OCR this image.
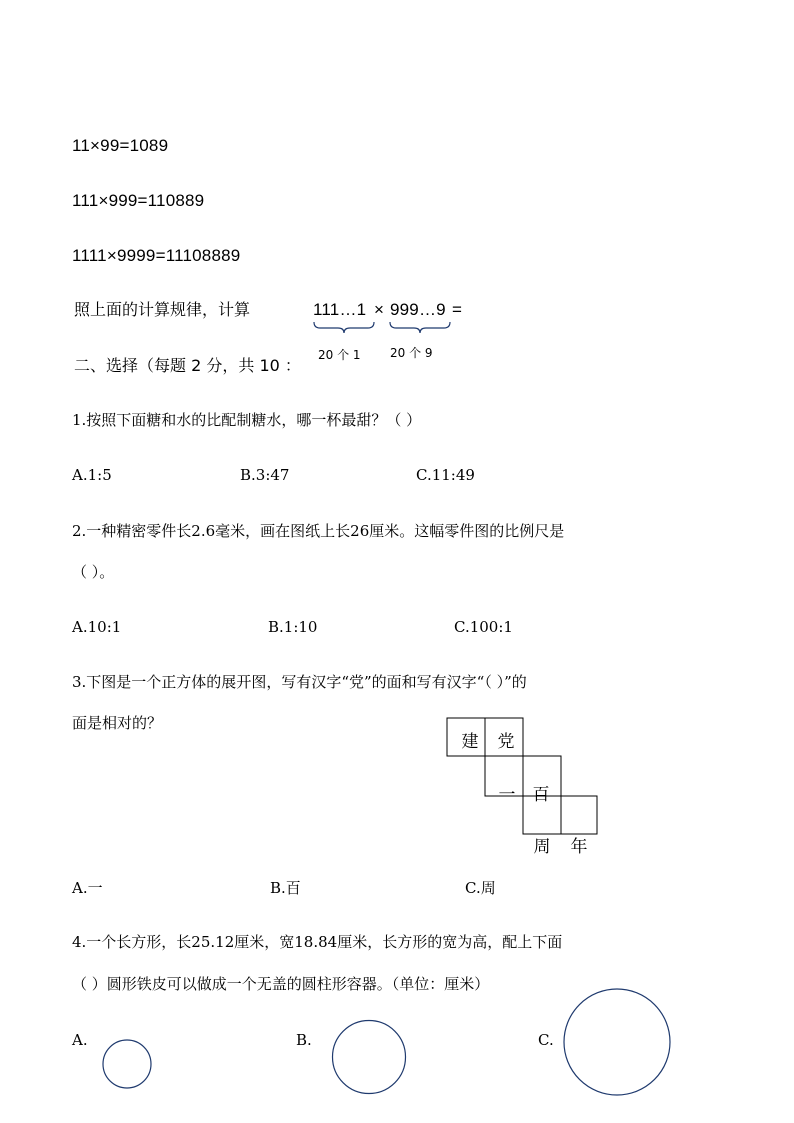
11×99=1089
111×999=110889
1111×9999=11108889
照上面的计算规律，计算	111…1 × 999…9 =
20 个 1 20 个 9
二、选择（每题 2 分，共 10 ：
1.按照下面糖和水的比配制糖水，哪一杯最甜？（ ）
A.1:5	B.3:47	C.11:49
2.一种精密零件长2.6毫米，画在图纸上长26厘米。这幅零件图的比例尺是
（ ）。
A.10:1	B.1:10	C.100:1
3.下图是一个正方体的展开图，写有汉字“党”的面和写有汉字“（ ）”的
面是相对的？
建 党
一 百
周 年
A.一	B.百	C.周
4.一个长方形，长25.12厘米，宽18.84厘米，长方形的宽为高，配上下面
（ ）圆形铁皮可以做成一个无盖的圆柱形容器。（单位：厘米）
A.	B.	C.
